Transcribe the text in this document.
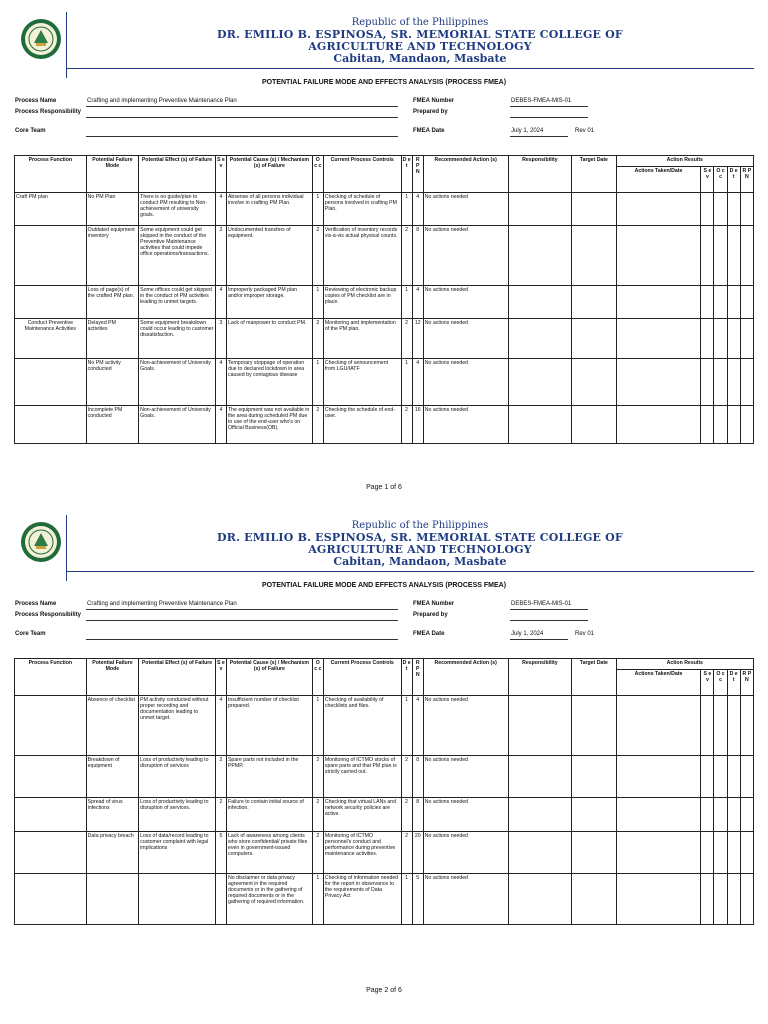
Republic of the Philippines
DR. EMILIO B. ESPINOSA, SR. MEMORIAL STATE COLLEGE OF
AGRICULTURE AND TECHNOLOGY
Cabitan, Mandaon, Masbate
POTENTIAL FAILURE MODE AND EFFECTS ANALYSIS (PROCESS FMEA)
Process Name	Crafting and implementing Preventive Maintenance Plan
Process Responsibility
Core Team
FMEA Number	DEBES-FMEA-MIS-01
Prepared by
FMEA Date	July 1, 2024	Rev 01
Process Function	Potential Failure Mode	Potential Effect (s) of Failure	S e v	Potential Cause (s) / Mechanism (s) of Failure	O c c	Current Process Controls	D e t	R P N	Recommended Action (s)	Responsibility	Target Date	Action Results				
												Actions Taken/Date	S e v	O c c	D e t	R P N
Craft PM plan	No PM Plan	There is no guide/plan to conduct PM resulting to Non-achievement of university goals.	4	Absense of all persons individual involve in crafting PM Plan.	1	Checking of schedule of persons involved in crafting PM Plan.	1	4	No actions needed							
	Outdated equipment inventory	Some equipment could get skipped in the conduct of the Preventive Maintenance activities that could impede office operations/transactions.	2	Undocumented transfers of equipment.	2	Verification of inventory records vis-à-vis actual physical counts.	2	8	No actions needed							
	Loss of page(s) of the crafted PM plan.	Some offices could get skipped in the conduct of PM activities leading to unmet targets.	4	Improperly packaged PM plan and/or improper storage.	1	Reviewing of electronic backup copies of PM checklist are in place.	1	4	No actions needed							
Conduct Preventive Maintenance Activities	Delayed PM activities	Some equipment breakdown could occur leading to customer dissatisfaction.	3	Lack of manpower to conduct PM.	2	Monitoring and implementation of the PM plan.	2	12	No actions needed							
	No PM activity conducted	Non-achievement of University Goals.	4	Temporary stoppage of operation due to declared lockdown in area caused by contagious disease	1	Checking of announcement from LGU/IATF	1	4	No actions needed							
	Incomplete PM conducted	Non-achievement of University Goals.	4	The equipment was not available in the area during scheduled PM due to use of the end-user who's on Official Business(OB).	2	Checking the schedule of end-user.	2	16	No actions needed							
Page 1 of 6
Republic of the Philippines
DR. EMILIO B. ESPINOSA, SR. MEMORIAL STATE COLLEGE OF
AGRICULTURE AND TECHNOLOGY
Cabitan, Mandaon, Masbate
POTENTIAL FAILURE MODE AND EFFECTS ANALYSIS (PROCESS FMEA)
Process Name	Crafting and implementing Preventive Maintenance Plan
Process Responsibility
Core Team
FMEA Number	DEBES-FMEA-MIS-01
Prepared by
FMEA Date	July 1, 2024	Rev 01
Process Function	Potential Failure Mode	Potential Effect (s) of Failure	S e v	Potential Cause (s) / Mechanism (s) of Failure	O c c	Current Process Controls	D e t	R P N	Recommended Action (s)	Responsibility	Target Date	Action Results				
												Actions Taken/Date	S e v	O c c	D e t	R P N
	Absence of checklist	PM activity conducted without proper recording and documentation leading to unmet target.	4	Insufficient number of checklist prepared.	1	Checking of availability of checklists and files.	1	4	No actions needed							
	Breakdown of equipment	Loss of productivity leading to disruption of services	2	Spare parts not included in the PPMP.	2	Monitoring of ICTMO stocks of spare parts and that PM plan is strictly carried out.	2	8	No actions needed							
	Spread of virus infections	Loss of productivity leading to disruption of services.	2	Failure to contain initial source of infection.	2	Checking that virtual LANs and network security policies are active.	2	8	No actions needed							
	Data privacy breach	Loss of data/record leading to customer complaint with legal implications	5	Lack of awareness among clients who store confidential/ private files even in government-issued computers.	2	Monitoring of ICTMO personnel's conduct and performance during preventive maintenance activities.	2	20	No actions needed							
				No disclaimer or data privacy agreement in the required documents or in the gathering of required documents or in the gathering of required information.	1	Checking of information needed for the report in observance to the requirements of Data Privacy Act	1	5	No actions needed							
Page 2 of 6
